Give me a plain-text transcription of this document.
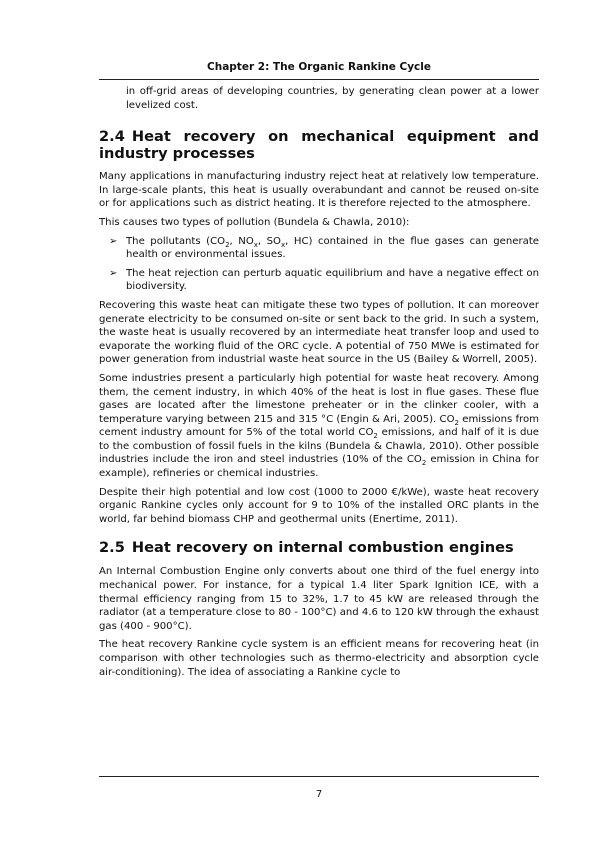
Chapter 2: The Organic Rankine Cycle

in off-grid areas of developing countries, by generating clean power at a lower levelized cost.

2.4 Heat recovery on mechanical equipment and industry processes

Many applications in manufacturing industry reject heat at relatively low temperature. In large-scale plants, this heat is usually overabundant and cannot be reused on-site or for applications such as district heating. It is therefore rejected to the atmosphere.

This causes two types of pollution (Bundela & Chawla, 2010):

➢ The pollutants ($CO_2$, $NO_x$, $SO_x$, HC) contained in the flue gases can generate health or environmental issues.
➢ The heat rejection can perturb aquatic equilibrium and have a negative effect on biodiversity.

Recovering this waste heat can mitigate these two types of pollution. It can moreover generate electricity to be consumed on-site or sent back to the grid. In such a system, the waste heat is usually recovered by an intermediate heat transfer loop and used to evaporate the working fluid of the ORC cycle. A potential of 750 MWe is estimated for power generation from industrial waste heat source in the US (Bailey & Worrell, 2005).

Some industries present a particularly high potential for waste heat recovery. Among them, the cement industry, in which 40% of the heat is lost in flue gases. These flue gases are located after the limestone preheater or in the clinker cooler, with a temperature varying between 215 and 315 °C (Engin & Ari, 2005). $CO_2$ emissions from cement industry amount for 5% of the total world $CO_2$ emissions, and half of it is due to the combustion of fossil fuels in the kilns (Bundela & Chawla, 2010). Other possible industries include the iron and steel industries (10% of the $CO_2$ emission in China for example), refineries or chemical industries.

Despite their high potential and low cost (1000 to 2000 €/kWe), waste heat recovery organic Rankine cycles only account for 9 to 10% of the installed ORC plants in the world, far behind biomass CHP and geothermal units (Enertime, 2011).

2.5 Heat recovery on internal combustion engines

An Internal Combustion Engine only converts about one third of the fuel energy into mechanical power. For instance, for a typical 1.4 liter Spark Ignition ICE, with a thermal efficiency ranging from 15 to 32%, 1.7 to 45 kW are released through the radiator (at a temperature close to 80 - 100°C) and 4.6 to 120 kW through the exhaust gas (400 - 900°C).

The heat recovery Rankine cycle system is an efficient means for recovering heat (in comparison with other technologies such as thermo-electricity and absorption cycle air-conditioning). The idea of associating a Rankine cycle to

7
